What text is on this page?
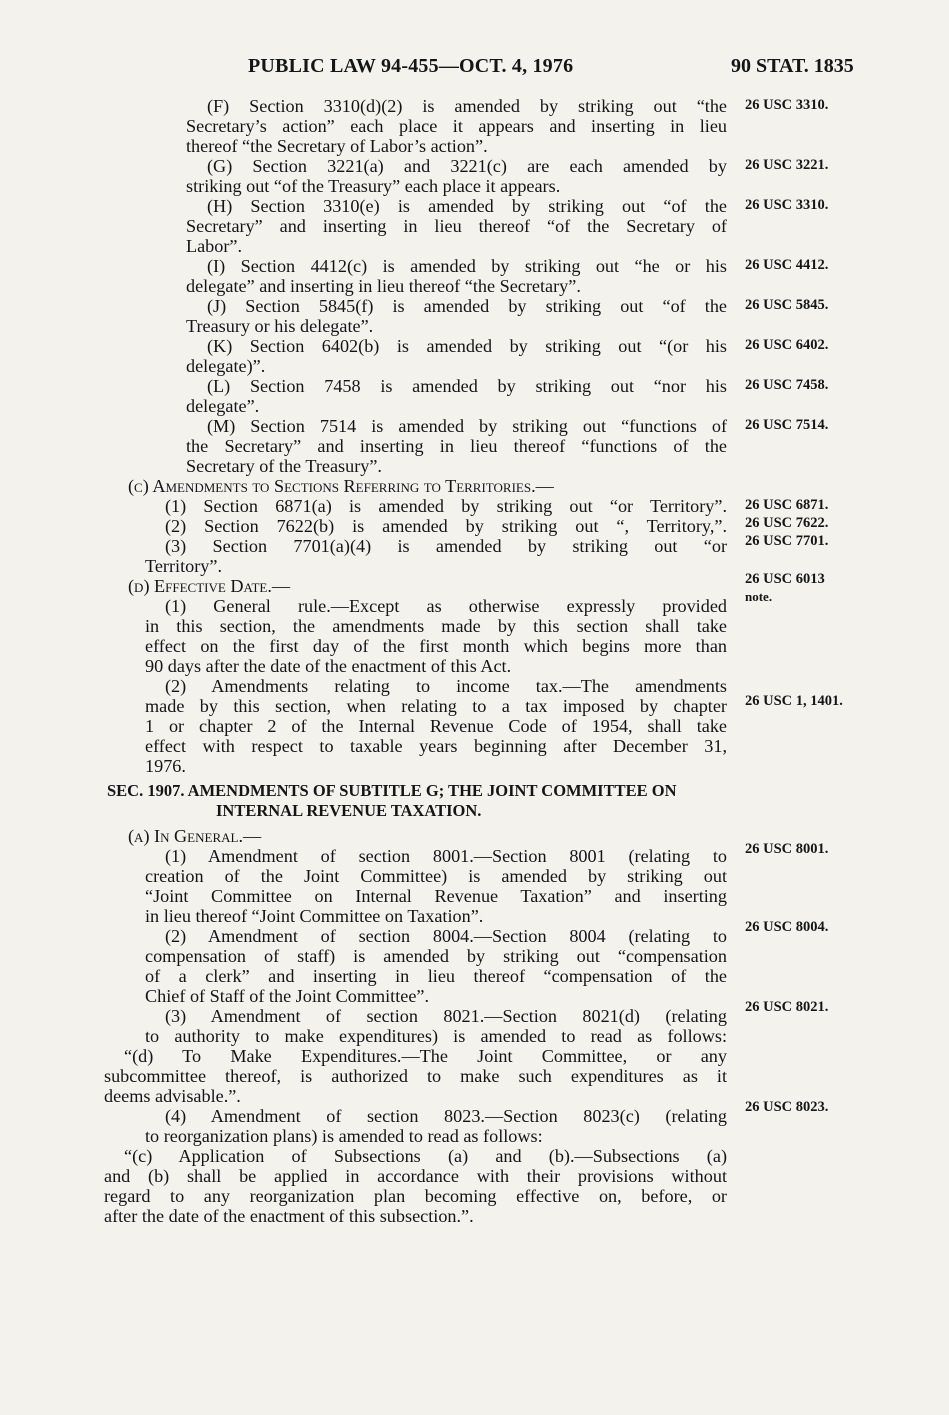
PUBLIC LAW 94-455—OCT. 4, 1976	90 STAT. 1835
(F) Section 3310(d)(2) is amended by striking out “the
Secretary’s action” each place it appears and inserting in lieu
thereof “the Secretary of Labor’s action”.
(G) Section 3221(a) and 3221(c) are each amended by
striking out “of the Treasury” each place it appears.
(H) Section 3310(e) is amended by striking out “of the
Secretary” and inserting in lieu thereof “of the Secretary of
Labor”.
(I) Section 4412(c) is amended by striking out “he or his
delegate” and inserting in lieu thereof “the Secretary”.
(J) Section 5845(f) is amended by striking out “of the
Treasury or his delegate”.
(K) Section 6402(b) is amended by striking out “(or his
delegate)”.
(L) Section 7458 is amended by striking out “nor his
delegate”.
(M) Section 7514 is amended by striking out “functions of
the Secretary” and inserting in lieu thereof “functions of the
Secretary of the Treasury”.
(c) Amendments to Sections Referring to Territories.—
(1) Section 6871(a) is amended by striking out “or Territory”.
(2) Section 7622(b) is amended by striking out “, Territory,”.
(3) Section 7701(a)(4) is amended by striking out “or
Territory”.
(d) Effective Date.—
(1) General rule.—Except as otherwise expressly provided
in this section, the amendments made by this section shall take
effect on the first day of the first month which begins more than
90 days after the date of the enactment of this Act.
(2) Amendments relating to income tax.—The amendments
made by this section, when relating to a tax imposed by chapter
1 or chapter 2 of the Internal Revenue Code of 1954, shall take
effect with respect to taxable years beginning after December 31,
1976.
SEC. 1907. AMENDMENTS OF SUBTITLE G; THE JOINT COMMITTEE ON
INTERNAL REVENUE TAXATION.
(a) In General.—
(1) Amendment of section 8001.—Section 8001 (relating to
creation of the Joint Committee) is amended by striking out
“Joint Committee on Internal Revenue Taxation” and inserting
in lieu thereof “Joint Committee on Taxation”.
(2) Amendment of section 8004.—Section 8004 (relating to
compensation of staff) is amended by striking out “compensation
of a clerk” and inserting in lieu thereof “compensation of the
Chief of Staff of the Joint Committee”.
(3) Amendment of section 8021.—Section 8021(d) (relating
to authority to make expenditures) is amended to read as follows:
“(d) To Make Expenditures.—The Joint Committee, or any
subcommittee thereof, is authorized to make such expenditures as it
deems advisable.”.
(4) Amendment of section 8023.—Section 8023(c) (relating
to reorganization plans) is amended to read as follows:
“(c) Application of Subsections (a) and (b).—Subsections (a)
and (b) shall be applied in accordance with their provisions without
regard to any reorganization plan becoming effective on, before, or
after the date of the enactment of this subsection.”.
26 USC 3310.
26 USC 3221.
26 USC 3310.
26 USC 4412.
26 USC 5845.
26 USC 6402.
26 USC 7458.
26 USC 7514.
26 USC 6871.
26 USC 7622.
26 USC 7701.
26 USC 6013
note.
26 USC 1, 1401.
26 USC 8001.
26 USC 8004.
26 USC 8021.
26 USC 8023.
